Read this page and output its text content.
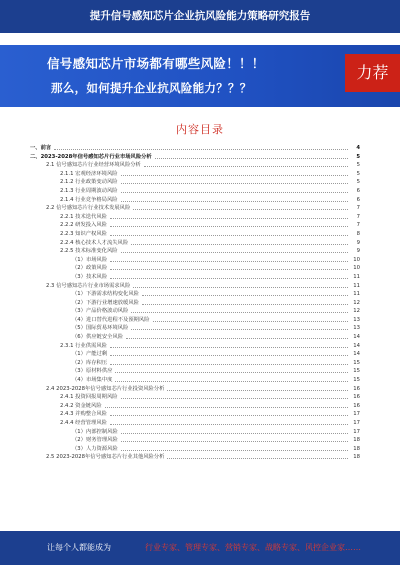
提升信号感知芯片企业抗风险能力策略研究报告
信号感知芯片市场都有哪些风险！！！
那么，如何提升企业抗风险能力？？？
力荐
内容目录
一、前言	4
二、2023-2028年信号感知芯片行业市场风险分析	5
2.1 信号感知芯片行业经营环境风险分析	5
2.1.1 宏观经济环境风险	5
2.1.2 行业政策变动风险	5
2.1.3 行业周期波动风险	6
2.1.4 行业竞争格局风险	6
2.2 信号感知芯片行业技术发展风险	7
2.2.1 技术迭代风险	7
2.2.2 研发投入风险	7
2.2.3 知识产权风险	8
2.2.4 核心技术人才流失风险	9
2.2.5 技术标准变化风险	9
（1）市场风险	10
（2）政策风险	10
（3）技术风险	11
2.3 信号感知芯片行业市场需求风险	11
（1）下游需求结构变化风险	11
（2）下游行业增速放缓风险	12
（3）产品价格波动风险	12
（4）进口替代进程不及预期风险	13
（5）国际贸易环境风险	13
（6）供应链安全风险	14
2.3.1 行业供需风险	14
（1）产能过剩	14
（2）库存积压	15
（3）原材料供应	15
（4）市场集中度	15
2.4 2023-2028年信号感知芯片行业投资风险分析	16
2.4.1 投资回报周期风险	16
2.4.2 资金链风险	16
2.4.3 并购整合风险	17
2.4.4 经营管理风险	17
（1）内部控制风险	17
（2）财务管理风险	18
（3）人力资源风险	18
2.5 2023-2028年信号感知芯片行业其他风险分析	18
让每个人都能成为	行业专家、管理专家、营销专家、战略专家、风控企业家……
